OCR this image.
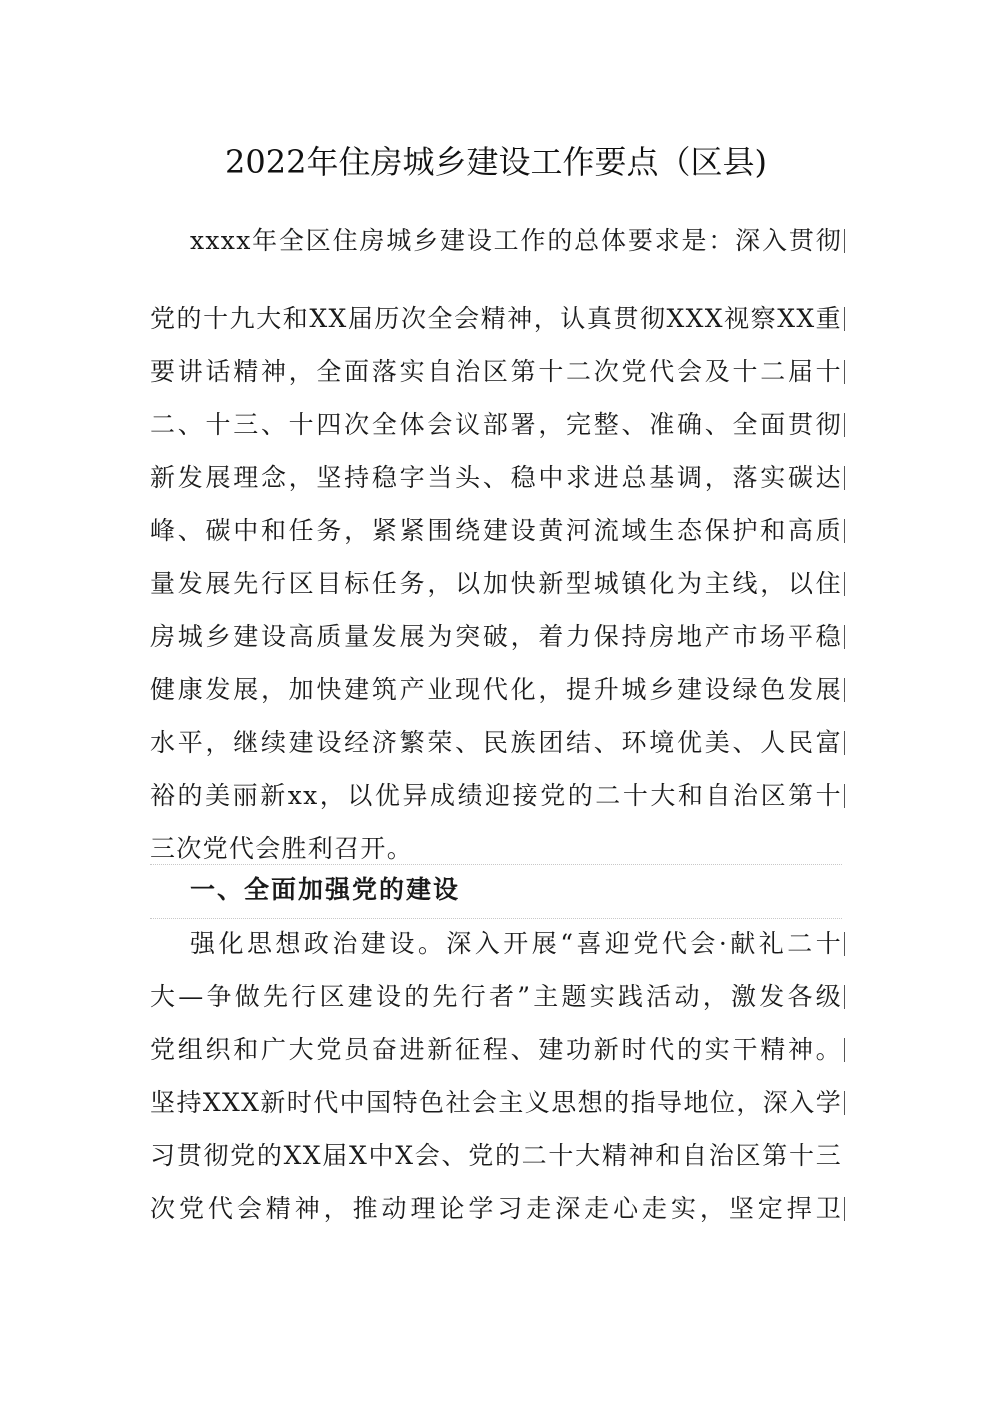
2022年住房城乡建设工作要点（区县)
xxxx年全区住房城乡建设工作的总体要求是：深入贯彻
党的十九大和XX届历次全会精神，认真贯彻XXX视察XX重
要讲话精神，全面落实自治区第十二次党代会及十二届十
二、十三、十四次全体会议部署，完整、准确、全面贯彻
新发展理念，坚持稳字当头、稳中求进总基调，落实碳达
峰、碳中和任务，紧紧围绕建设黄河流域生态保护和高质
量发展先行区目标任务，以加快新型城镇化为主线，以住
房城乡建设高质量发展为突破，着力保持房地产市场平稳
健康发展，加快建筑产业现代化，提升城乡建设绿色发展
水平，继续建设经济繁荣、民族团结、环境优美、人民富
裕的美丽新xx，以优异成绩迎接党的二十大和自治区第十
三次党代会胜利召开。
一、全面加强党的建设
强化思想政治建设。深入开展“喜迎党代会·献礼二十
大—争做先行区建设的先行者”主题实践活动，激发各级
党组织和广大党员奋进新征程、建功新时代的实干精神。
坚持XXX新时代中国特色社会主义思想的指导地位，深入学
习贯彻党的XX届X中X会、党的二十大精神和自治区第十三
次党代会精神，推动理论学习走深走心走实，坚定捍卫
